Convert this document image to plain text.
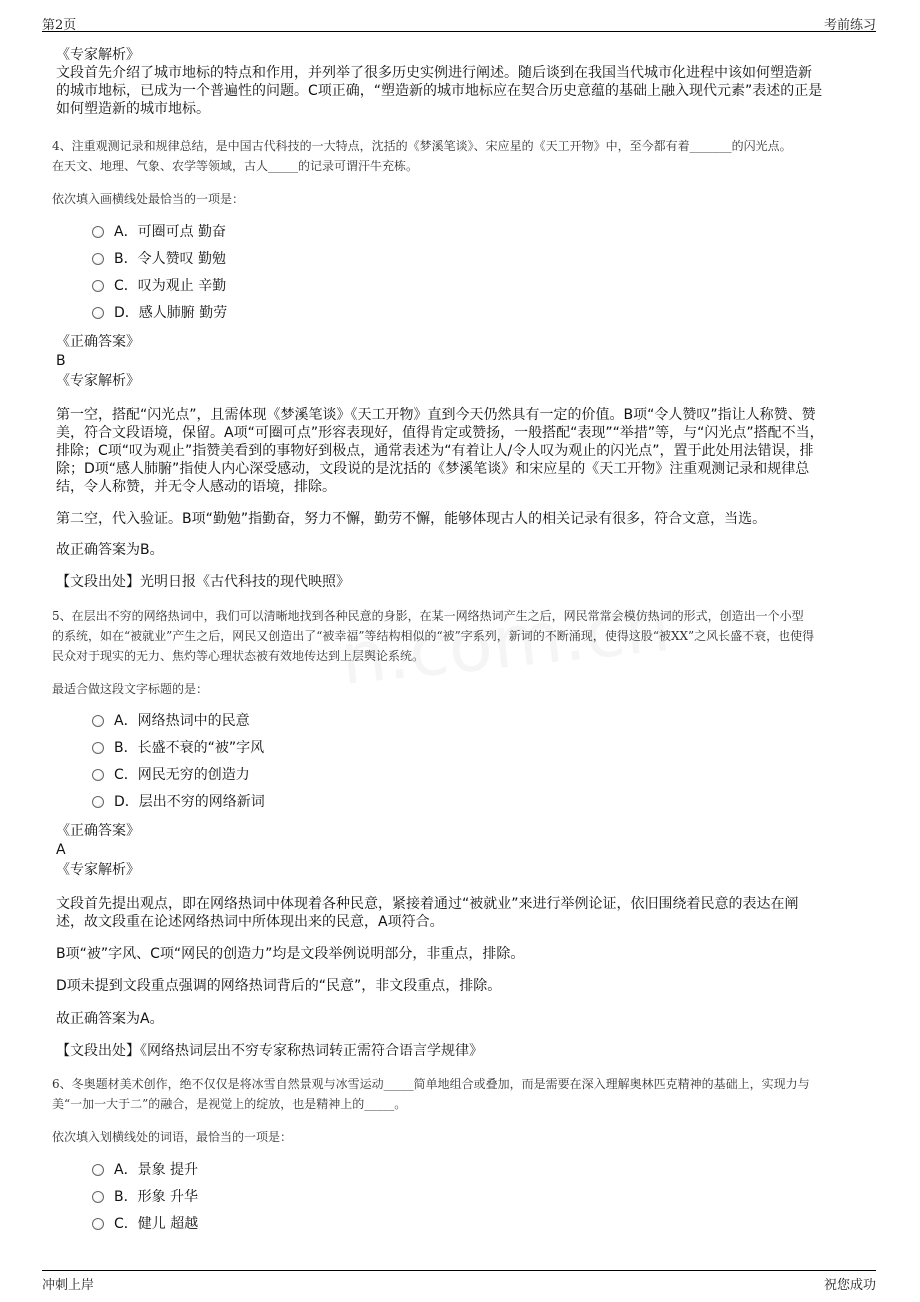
第2页	考前练习
《专家解析》
文段首先介绍了城市地标的特点和作用，并列举了很多历史实例进行阐述。随后谈到在我国当代城市化进程中该如何塑造新
的城市地标，已成为一个普遍性的问题。C项正确，“塑造新的城市地标应在契合历史意蕴的基础上融入现代元素”表述的正是
如何塑造新的城市地标。
4、注重观测记录和规律总结，是中国古代科技的一大特点，沈括的《梦溪笔谈》、宋应星的《天工开物》中，至今都有着_______的闪光点。
在天文、地理、气象、农学等领域，古人_____的记录可谓汗牛充栋。
依次填入画横线处最恰当的一项是：
A．可圈可点 勤奋
B．令人赞叹 勤勉
C．叹为观止 辛勤
D．感人肺腑 勤劳
《正确答案》
B
《专家解析》
第一空，搭配“闪光点”，且需体现《梦溪笔谈》《天工开物》直到今天仍然具有一定的价值。B项“令人赞叹”指让人称赞、赞
美，符合文段语境，保留。A项“可圈可点”形容表现好，值得肯定或赞扬，一般搭配“表现”“举措”等，与“闪光点”搭配不当，
排除；C项“叹为观止”指赞美看到的事物好到极点，通常表述为“有着让人/令人叹为观止的闪光点”，置于此处用法错误，排
除；D项“感人肺腑”指使人内心深受感动，文段说的是沈括的《梦溪笔谈》和宋应星的《天工开物》注重观测记录和规律总
结，令人称赞，并无令人感动的语境，排除。
第二空，代入验证。B项“勤勉”指勤奋，努力不懈，勤劳不懈，能够体现古人的相关记录有很多，符合文意，当选。
故正确答案为B。
【文段出处】光明日报《古代科技的现代映照》
5、在层出不穷的网络热词中，我们可以清晰地找到各种民意的身影，在某一网络热词产生之后，网民常常会模仿热词的形式，创造出一个小型
的系统，如在“被就业”产生之后，网民又创造出了“被幸福”等结构相似的“被”字系列，新词的不断涌现，使得这股“被XX”之风长盛不衰，也使得
民众对于现实的无力、焦灼等心理状态被有效地传达到上层舆论系统。
最适合做这段文字标题的是：
A．网络热词中的民意
B．长盛不衰的“被”字风
C．网民无穷的创造力
D．层出不穷的网络新词
《正确答案》
A
《专家解析》
文段首先提出观点，即在网络热词中体现着各种民意，紧接着通过“被就业”来进行举例论证，依旧围绕着民意的表达在阐
述，故文段重在论述网络热词中所体现出来的民意，A项符合。
B项“被”字风、C项“网民的创造力”均是文段举例说明部分，非重点，排除。
D项未提到文段重点强调的网络热词背后的“民意”，非文段重点，排除。
故正确答案为A。
【文段出处】《网络热词层出不穷专家称热词转正需符合语言学规律》
6、冬奥题材美术创作，绝不仅仅是将冰雪自然景观与冰雪运动_____简单地组合或叠加，而是需要在深入理解奥林匹克精神的基础上，实现力与
美“一加一大于二”的融合，是视觉上的绽放，也是精神上的_____。
依次填入划横线处的词语，最恰当的一项是：
A．景象 提升
B．形象 升华
C．健儿 超越
冲刺上岸	祝您成功
